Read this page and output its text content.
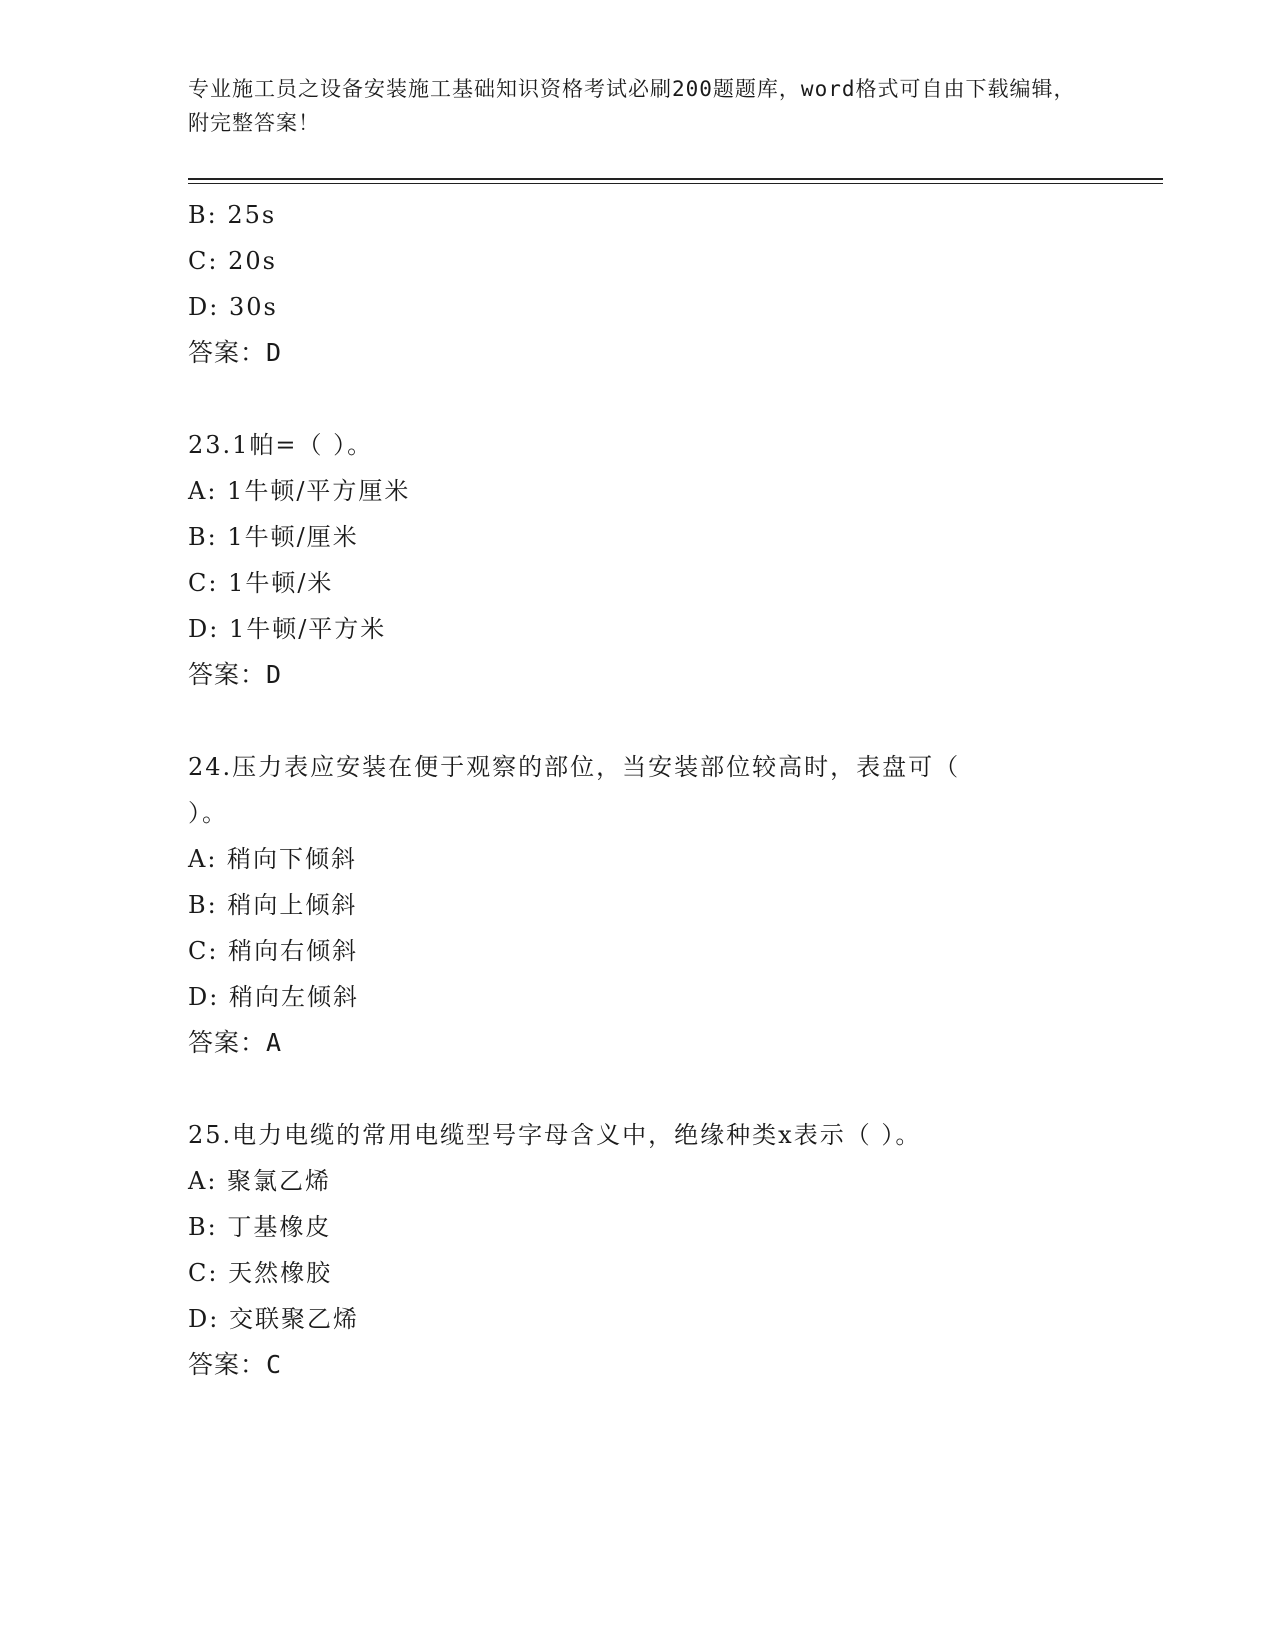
专业施工员之设备安装施工基础知识资格考试必刷200题题库，word格式可自由下载编辑，附完整答案！

B: 25s
C: 20s
D: 30s
答案：D
23.1帕=（ ）。
A: 1牛顿/平方厘米
B: 1牛顿/厘米
C: 1牛顿/米
D: 1牛顿/平方米
答案：D
24.压力表应安装在便于观察的部位，当安装部位较高时，表盘可（
）。
A: 稍向下倾斜
B: 稍向上倾斜
C: 稍向右倾斜
D: 稍向左倾斜
答案：A
25.电力电缆的常用电缆型号字母含义中，绝缘种类x表示（ ）。
A: 聚氯乙烯
B: 丁基橡皮
C: 天然橡胶
D: 交联聚乙烯
答案：C
